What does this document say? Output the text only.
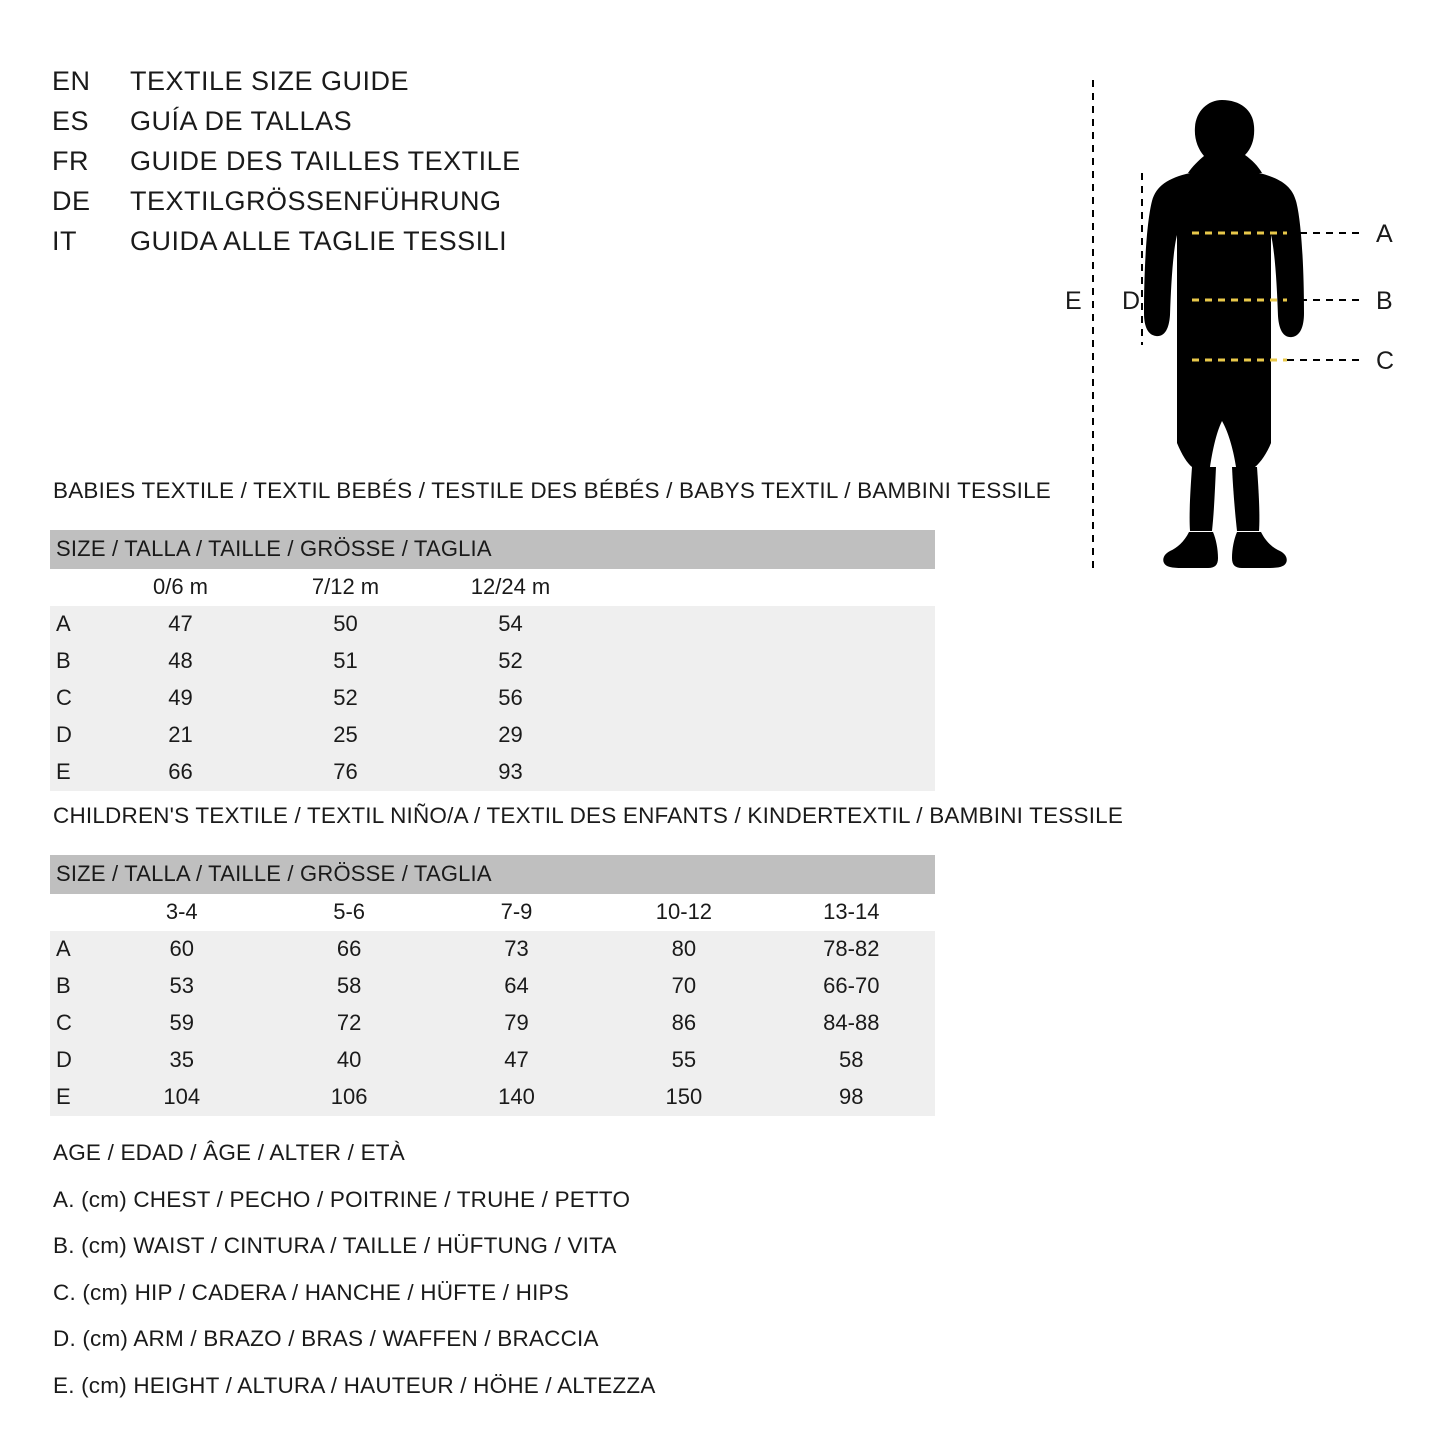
EN	TEXTILE SIZE GUIDE
ES	GUÍA DE TALLAS
FR	GUIDE DES TAILLES TEXTILE
DE	TEXTILGRÖSSENFÜHRUNG
IT	GUIDA ALLE TAGLIE TESSILI	A
B
C
D
E
BABIES TEXTILE / TEXTIL BEBÉS / TESTILE DES BÉBÉS / BABYS TEXTIL / BAMBINI TESSILE
SIZE / TALLA / TAILLE / GRÖSSE / TAGLIA				
	0/6 m	7/12 m	12/24 m	
A	47	50	54	
B	48	51	52	
C	49	52	56	
D	21	25	29	
E	66	76	93	
CHILDREN'S TEXTILE / TEXTIL NIÑO/A / TEXTIL DES ENFANTS / KINDERTEXTIL / BAMBINI TESSILE
SIZE / TALLA / TAILLE / GRÖSSE / TAGLIA					
	3-4	5-6	7-9	10-12	13-14
A	60	66	73	80	78-82
B	53	58	64	70	66-70
C	59	72	79	86	84-88
D	35	40	47	55	58
E	104	106	140	150	98
AGE / EDAD / ÂGE / ALTER / ETÀ
A. (cm) CHEST / PECHO / POITRINE / TRUHE / PETTO
B. (cm) WAIST / CINTURA / TAILLE / HÜFTUNG / VITA
C. (cm) HIP / CADERA / HANCHE / HÜFTE / HIPS
D. (cm) ARM / BRAZO / BRAS / WAFFEN / BRACCIA
E. (cm) HEIGHT / ALTURA / HAUTEUR / HÖHE / ALTEZZA
